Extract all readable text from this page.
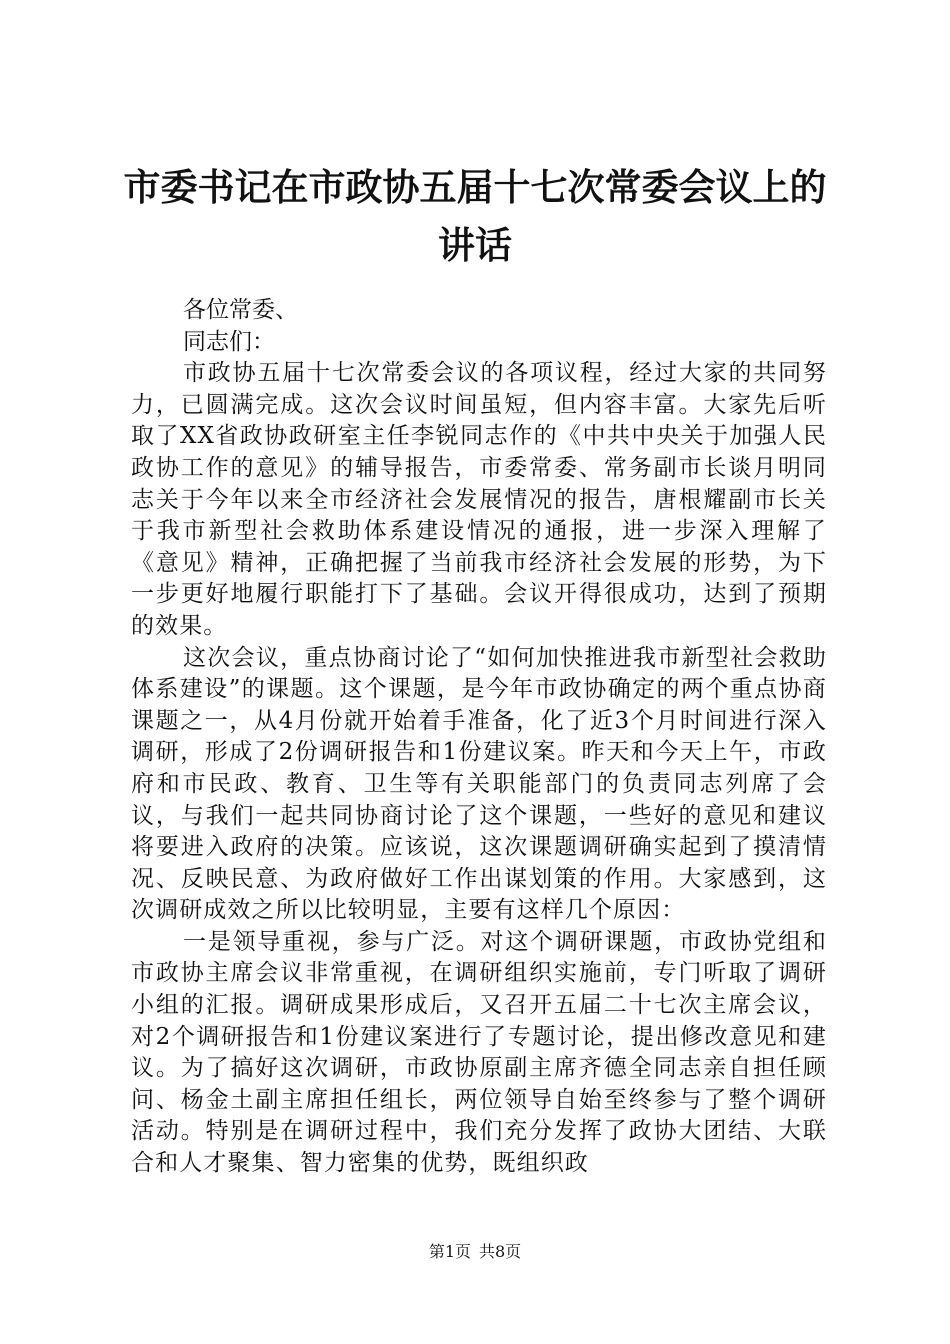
市委书记在市政协五届十七次常委会议上的讲话

各位常委、

同志们：

市政协五届十七次常委会议的各项议程，经过大家的共同努力，已圆满完成。这次会议时间虽短，但内容丰富。大家先后听取了XX省政协政研室主任李锐同志作的《中共中央关于加强人民政协工作的意见》的辅导报告，市委常委、常务副市长谈月明同志关于今年以来全市经济社会发展情况的报告，唐根耀副市长关于我市新型社会救助体系建设情况的通报，进一步深入理解了《意见》精神，正确把握了当前我市经济社会发展的形势，为下一步更好地履行职能打下了基础。会议开得很成功，达到了预期的效果。

这次会议，重点协商讨论了“如何加快推进我市新型社会救助体系建设”的课题。这个课题，是今年市政协确定的两个重点协商课题之一，从4月份就开始着手准备，化了近3个月时间进行深入调研，形成了2份调研报告和1份建议案。昨天和今天上午，市政府和市民政、教育、卫生等有关职能部门的负责同志列席了会议，与我们一起共同协商讨论了这个课题，一些好的意见和建议将要进入政府的决策。应该说，这次课题调研确实起到了摸清情况、反映民意、为政府做好工作出谋划策的作用。大家感到，这次调研成效之所以比较明显，主要有这样几个原因：

一是领导重视，参与广泛。对这个调研课题，市政协党组和市政协主席会议非常重视，在调研组织实施前，专门听取了调研小组的汇报。调研成果形成后，又召开五届二十七次主席会议，对2个调研报告和1份建议案进行了专题讨论，提出修改意见和建议。为了搞好这次调研，市政协原副主席齐德全同志亲自担任顾问、杨金土副主席担任组长，两位领导自始至终参与了整个调研活动。特别是在调研过程中，我们充分发挥了政协大团结、大联合和人才聚集、智力密集的优势，既组织政

第1页 共8页
